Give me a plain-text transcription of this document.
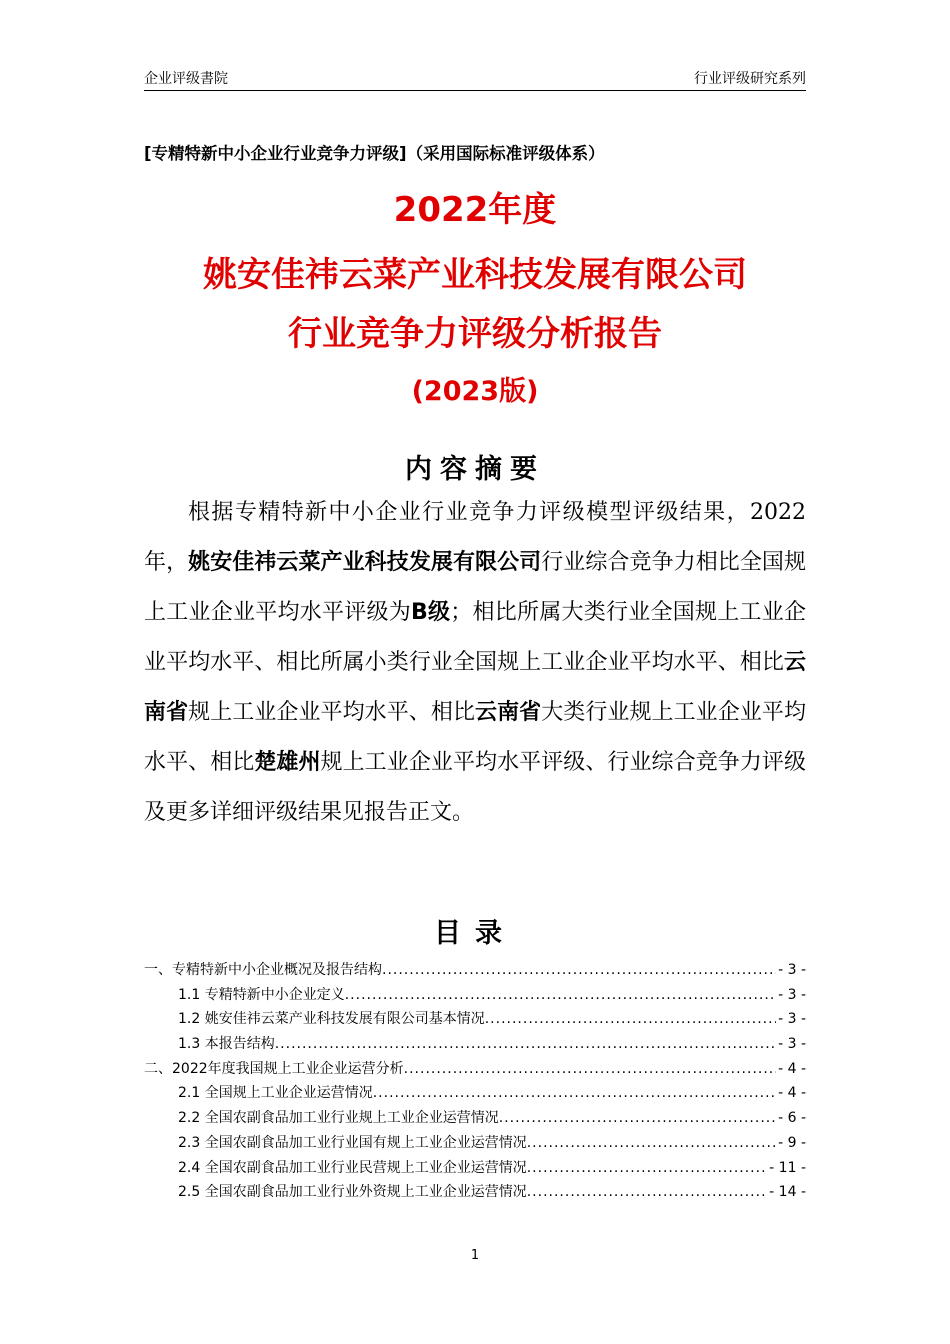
企业评级書院	行业评级研究系列
[专精特新中小企业行业竞争力评级]（采用国际标准评级体系）
2022年度
姚安佳祎云菜产业科技发展有限公司
行业竞争力评级分析报告
(2023版)
内容摘要
根据专精特新中小企业行业竞争力评级模型评级结果，2022年，姚安佳祎云菜产业科技发展有限公司行业综合竞争力相比全国规上工业企业平均水平评级为B级；相比所属大类行业全国规上工业企业平均水平、相比所属小类行业全国规上工业企业平均水平、相比云南省规上工业企业平均水平、相比云南省大类行业规上工业企业平均水平、相比楚雄州规上工业企业平均水平评级、行业综合竞争力评级及更多详细评级结果见报告正文。
目录
一、专精特新中小企业概况及报告结构 .....	- 3 -
1.1 专精特新中小企业定义 .....	- 3 -
1.2 姚安佳祎云菜产业科技发展有限公司基本情况 .....	- 3 -
1.3 本报告结构 .....	- 3 -
二、2022年度我国规上工业企业运营分析 .....	- 4 -
2.1 全国规上工业企业运营情况 .....	- 4 -
2.2 全国农副食品加工业行业规上工业企业运营情况 .....	- 6 -
2.3 全国农副食品加工业行业国有规上工业企业运营情况 .....	- 9 -
2.4 全国农副食品加工业行业民营规上工业企业运营情况 .....	- 11 -
2.5 全国农副食品加工业行业外资规上工业企业运营情况 .....	- 14 -
1
